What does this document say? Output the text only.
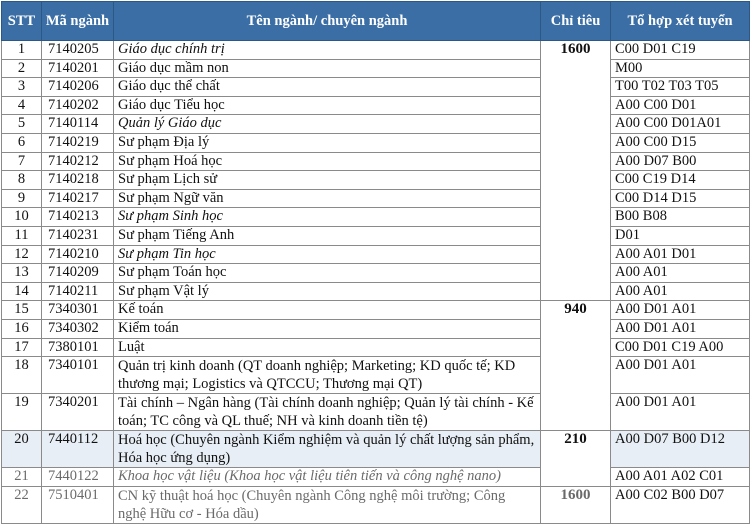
STT	Mã ngành	Tên ngành/ chuyên ngành	Chỉ tiêu	Tổ hợp xét tuyển
1	7140205	Giáo dục chính trị	1600	C00 D01 C19
2	7140201	Giáo dục mầm non		M00
3	7140206	Giáo dục thể chất		T00 T02 T03 T05
4	7140202	Giáo dục Tiểu học		A00 C00 D01
5	7140114	Quản lý Giáo dục		A00 C00 D01A01
6	7140219	Sư phạm Địa lý		A00 C00 D15
7	7140212	Sư phạm Hoá học		A00 D07 B00
8	7140218	Sư phạm Lịch sử		C00 C19 D14
9	7140217	Sư phạm Ngữ văn		C00 D14 D15
10	7140213	Sư phạm Sinh học		B00 B08
11	7140231	Sư phạm Tiếng Anh		D01
12	7140210	Sư phạm Tin học		A00 A01 D01
13	7140209	Sư phạm Toán học		A00 A01
14	7140211	Sư phạm Vật lý		A00 A01
15	7340301	Kế toán	940	A00 D01 A01
16	7340302	Kiểm toán		A00 D01 A01
17	7380101	Luật		C00 D01 C19 A00
18	7340101	Quản trị kinh doanh (QT doanh nghiệp; Marketing; KD quốc tế; KD thương mại; Logistics và QTCCU; Thương mại QT)		A00 D01 A01
19	7340201	Tài chính – Ngân hàng (Tài chính doanh nghiệp; Quản lý tài chính - Kế toán; TC công và QL thuế; NH và kinh doanh tiền tệ)		A00 D01 A01
20	7440112	Hoá học (Chuyên ngành Kiểm nghiệm và quản lý chất lượng sản phẩm, Hóa học ứng dụng)	210	A00 D07 B00 D12
21	7440122	Khoa học vật liệu (Khoa học vật liệu tiên tiến và công nghệ nano)		A00 A01 A02 C01
22	7510401	CN kỹ thuật hoá học (Chuyên ngành Công nghệ môi trường; Công nghệ Hữu cơ - Hóa dầu)	1600	A00 C02 B00 D07
